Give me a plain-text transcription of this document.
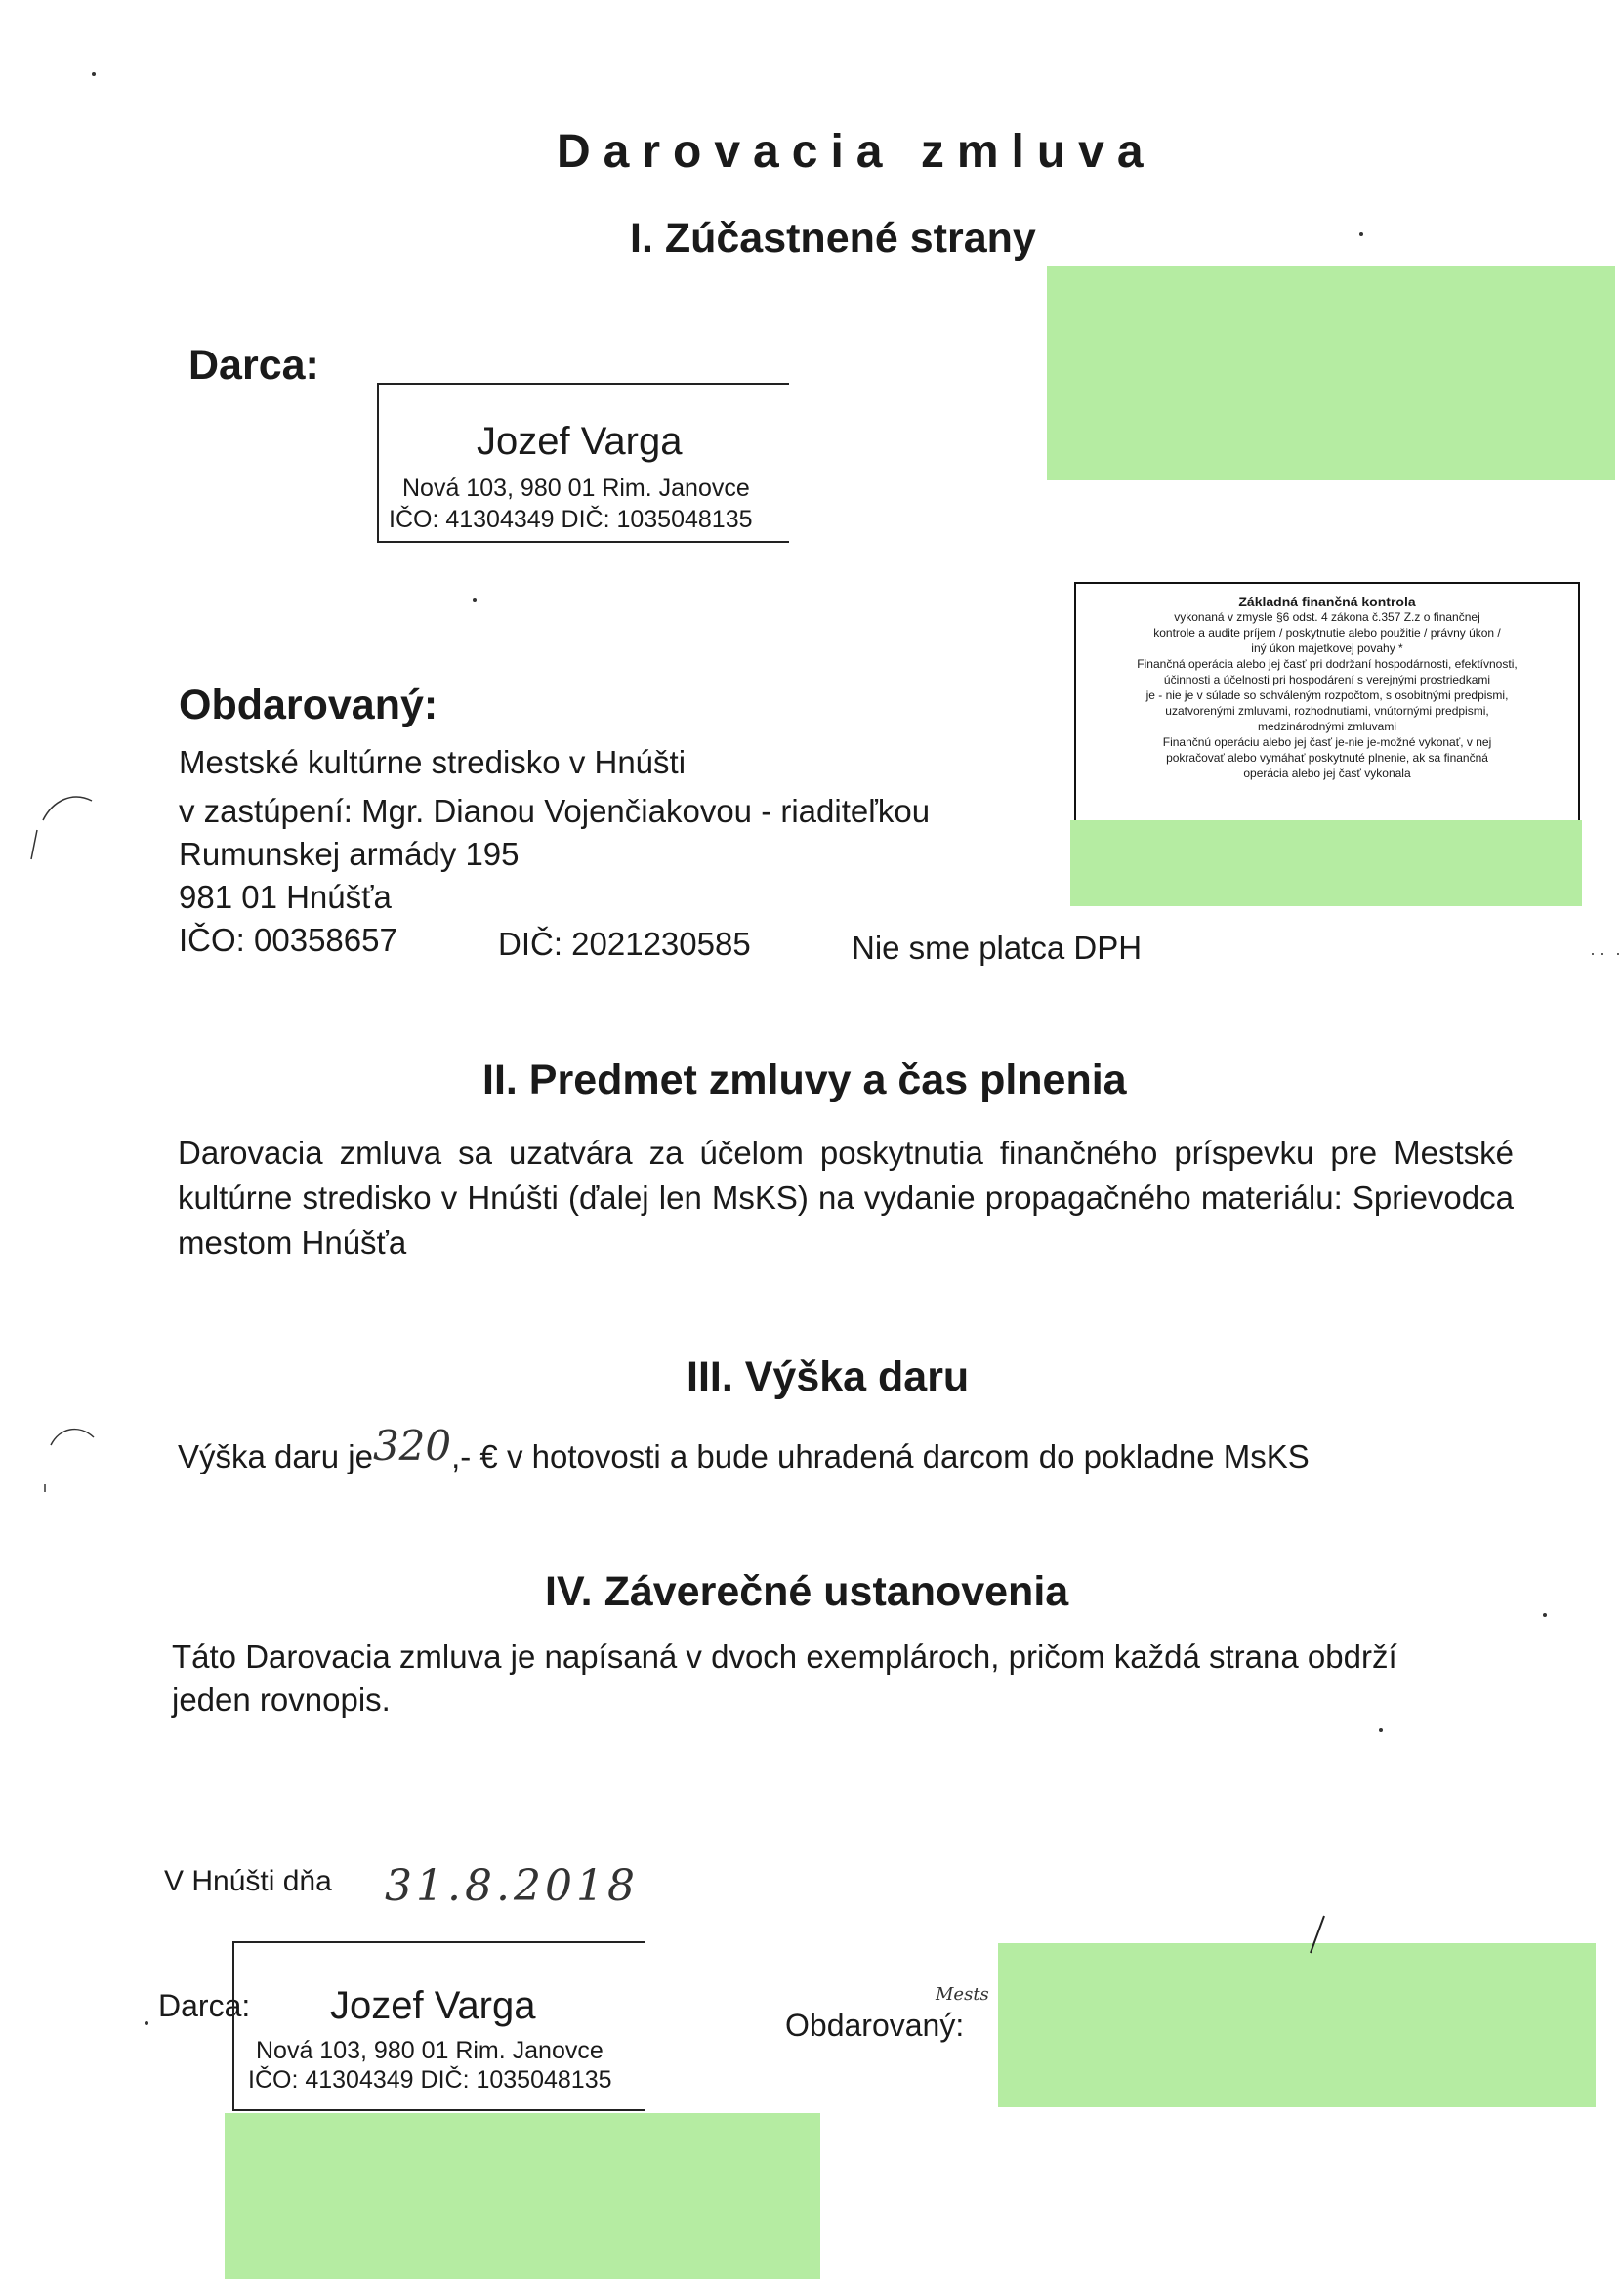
Darovacia zmluva
I. Zúčastnené strany
Darca:
Jozef Varga
Nová 103, 980 01 Rim. Janovce
IČO: 41304349 DIČ: 1035048135
Obdarovaný:
Mestské kultúrne stredisko v Hnúšti
v zastúpení: Mgr. Dianou Vojenčiakovou - riaditeľkou
Rumunskej armády 195
981 01 Hnúšťa
IČO: 00358657	DIČ: 2021230585	Nie sme platca DPH
Základná finančná kontrola
vykonaná v zmysle §6 odst. 4 zákona č.357 Z.z o finančnej
kontrole a audite príjem / poskytnutie alebo použitie / právny úkon /
iný úkon majetkovej povahy *
Finančná operácia alebo jej časť pri dodržaní hospodárnosti, efektívnosti,
účinnosti a účelnosti pri hospodárení s verejnými prostriedkami
je - nie je v súlade so schváleným rozpočtom, s osobitnými predpismi,
uzatvorenými zmluvami, rozhodnutiami, vnútornými predpismi,
medzinárodnými zmluvami
Finančnú operáciu alebo jej časť je-nie je-možné vykonať, v nej
pokračovať alebo vymáhať poskytnuté plnenie, ak sa finančná
operácia alebo jej časť vykonala
II. Predmet zmluvy a čas plnenia
Darovacia zmluva sa uzatvára za účelom poskytnutia finančného príspevku pre Mestské kultúrne stredisko v Hnúšti (ďalej len MsKS) na vydanie propagačného materiálu: Sprievodca mestom Hnúšťa
III. Výška daru
Výška daru je320,- € v hotovosti a bude uhradená darcom do pokladne MsKS
IV. Záverečné ustanovenia
Táto Darovacia zmluva je napísaná v dvoch exemplároch, pričom každá strana obdrží
jeden rovnopis.
V Hnúšti dňa 31.8.2018
Darca: Jozef Varga
Nová 103, 980 01 Rim. Janovce
IČO: 41304349 DIČ: 1035048135
Obdarovaný:
Mests
·· ·
